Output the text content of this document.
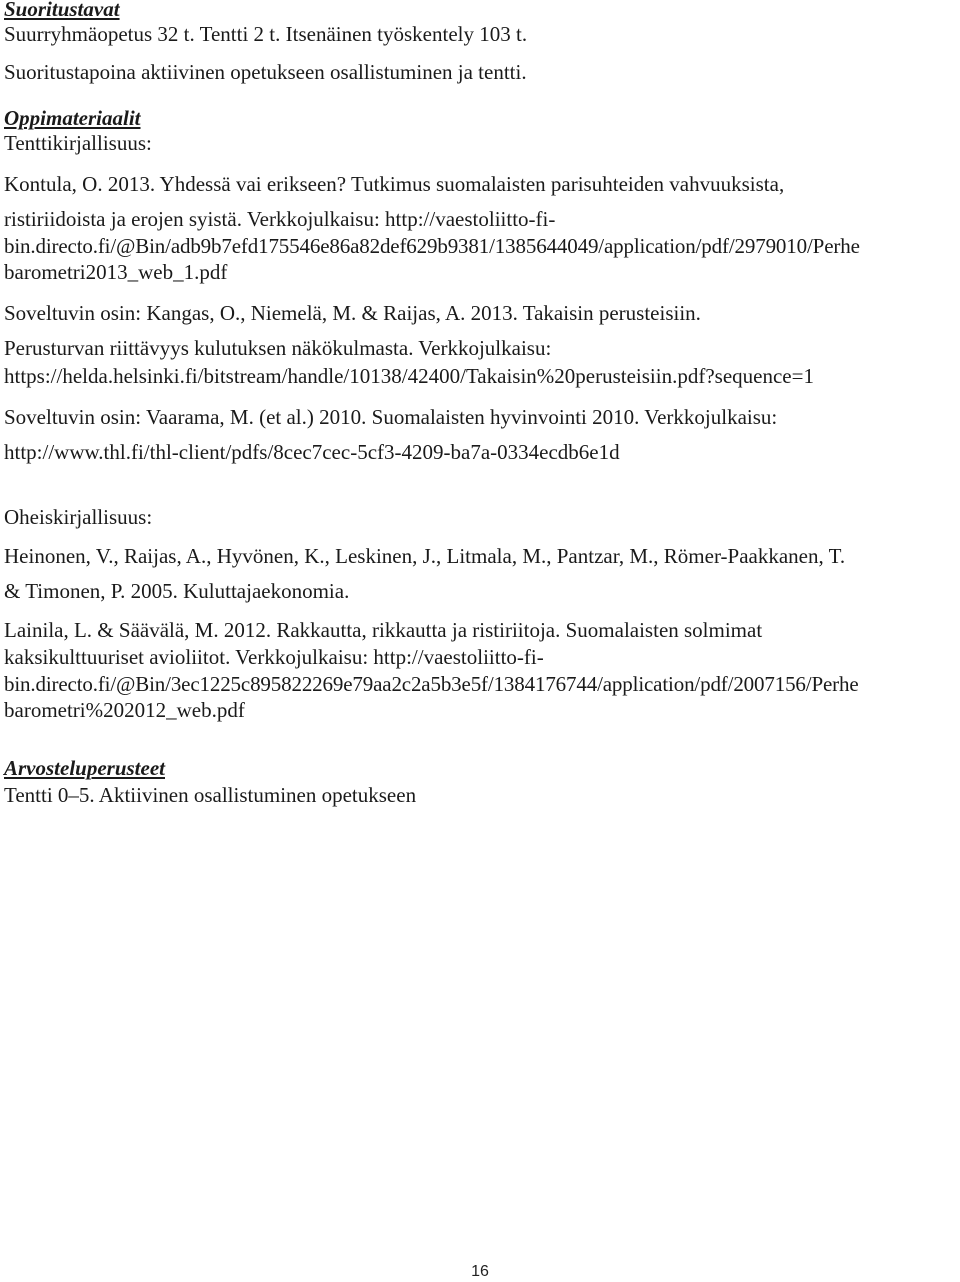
Suoritustavat
Suurryhmäopetus 32 t. Tentti 2 t. Itsenäinen työskentely 103 t.
Suoritustapoina aktiivinen opetukseen osallistuminen ja tentti.
Oppimateriaalit
Tenttikirjallisuus:
Kontula, O. 2013. Yhdessä vai erikseen? Tutkimus suomalaisten parisuhteiden vahvuuksista,
ristiriidoista ja erojen syistä. Verkkojulkaisu: http://vaestoliitto-fi-
bin.directo.fi/@Bin/adb9b7efd175546e86a82def629b9381/1385644049/application/pdf/2979010/Perhe
barometri2013_web_1.pdf
Soveltuvin osin: Kangas, O., Niemelä, M. & Raijas, A. 2013. Takaisin perusteisiin.
Perusturvan riittävyys kulutuksen näkökulmasta. Verkkojulkaisu:
https://helda.helsinki.fi/bitstream/handle/10138/42400/Takaisin%20perusteisiin.pdf?sequence=1
Soveltuvin osin: Vaarama, M. (et al.) 2010. Suomalaisten hyvinvointi 2010. Verkkojulkaisu:
http://www.thl.fi/thl-client/pdfs/8cec7cec-5cf3-4209-ba7a-0334ecdb6e1d
Oheiskirjallisuus:
Heinonen, V., Raijas, A., Hyvönen, K., Leskinen, J., Litmala, M., Pantzar, M., Römer-Paakkanen, T.
& Timonen, P. 2005. Kuluttajaekonomia.
Lainila, L. & Säävälä, M. 2012. Rakkautta, rikkautta ja ristiriitoja. Suomalaisten solmimat
kaksikulttuuriset avioliitot. Verkkojulkaisu: http://vaestoliitto-fi-
bin.directo.fi/@Bin/3ec1225c895822269e79aa2c2a5b3e5f/1384176744/application/pdf/2007156/Perhe
barometri%202012_web.pdf
Arvosteluperusteet
Tentti 0–5. Aktiivinen osallistuminen opetukseen
16
